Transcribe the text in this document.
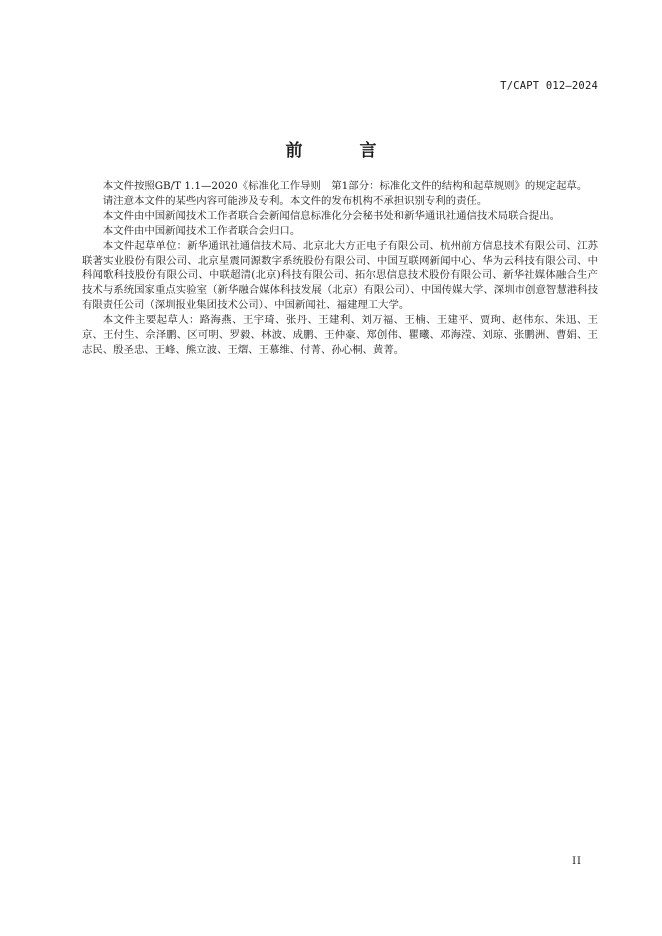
T/CAPT 012—2024
前　言

本文件按照GB/T 1.1—2020《标准化工作导则　第1部分：标准化文件的结构和起草规则》的规定起草。

请注意本文件的某些内容可能涉及专利。本文件的发布机构不承担识别专利的责任。

本文件由中国新闻技术工作者联合会新闻信息标准化分会秘书处和新华通讯社通信技术局联合提出。

本文件由中国新闻技术工作者联合会归口。

本文件起草单位：新华通讯社通信技术局、北京北大方正电子有限公司、杭州前方信息技术有限公司、江苏联著实业股份有限公司、北京星震同源数字系统股份有限公司、中国互联网新闻中心、华为云科技有限公司、中科闻歌科技股份有限公司、中联超清(北京)科技有限公司、拓尔思信息技术股份有限公司、新华社媒体融合生产技术与系统国家重点实验室（新华融合媒体科技发展（北京）有限公司）、中国传媒大学、深圳市创意智慧港科技有限责任公司（深圳报业集团技术公司）、中国新闻社、福建理工大学。

本文件主要起草人：路海燕、王宇琦、张丹、王建利、刘万福、王楠、王建平、贾珣、赵伟东、朱迅、王京、王付生、佘泽鹏、区可明、罗毅、林波、成鹏、王仲豪、郑创伟、瞿曦、邓海滢、刘琼、张鹏洲、曹娟、王志民、殷圣忠、王峰、熊立波、王熠、王慕维、付菁、孙心桐、黄菁。

II
